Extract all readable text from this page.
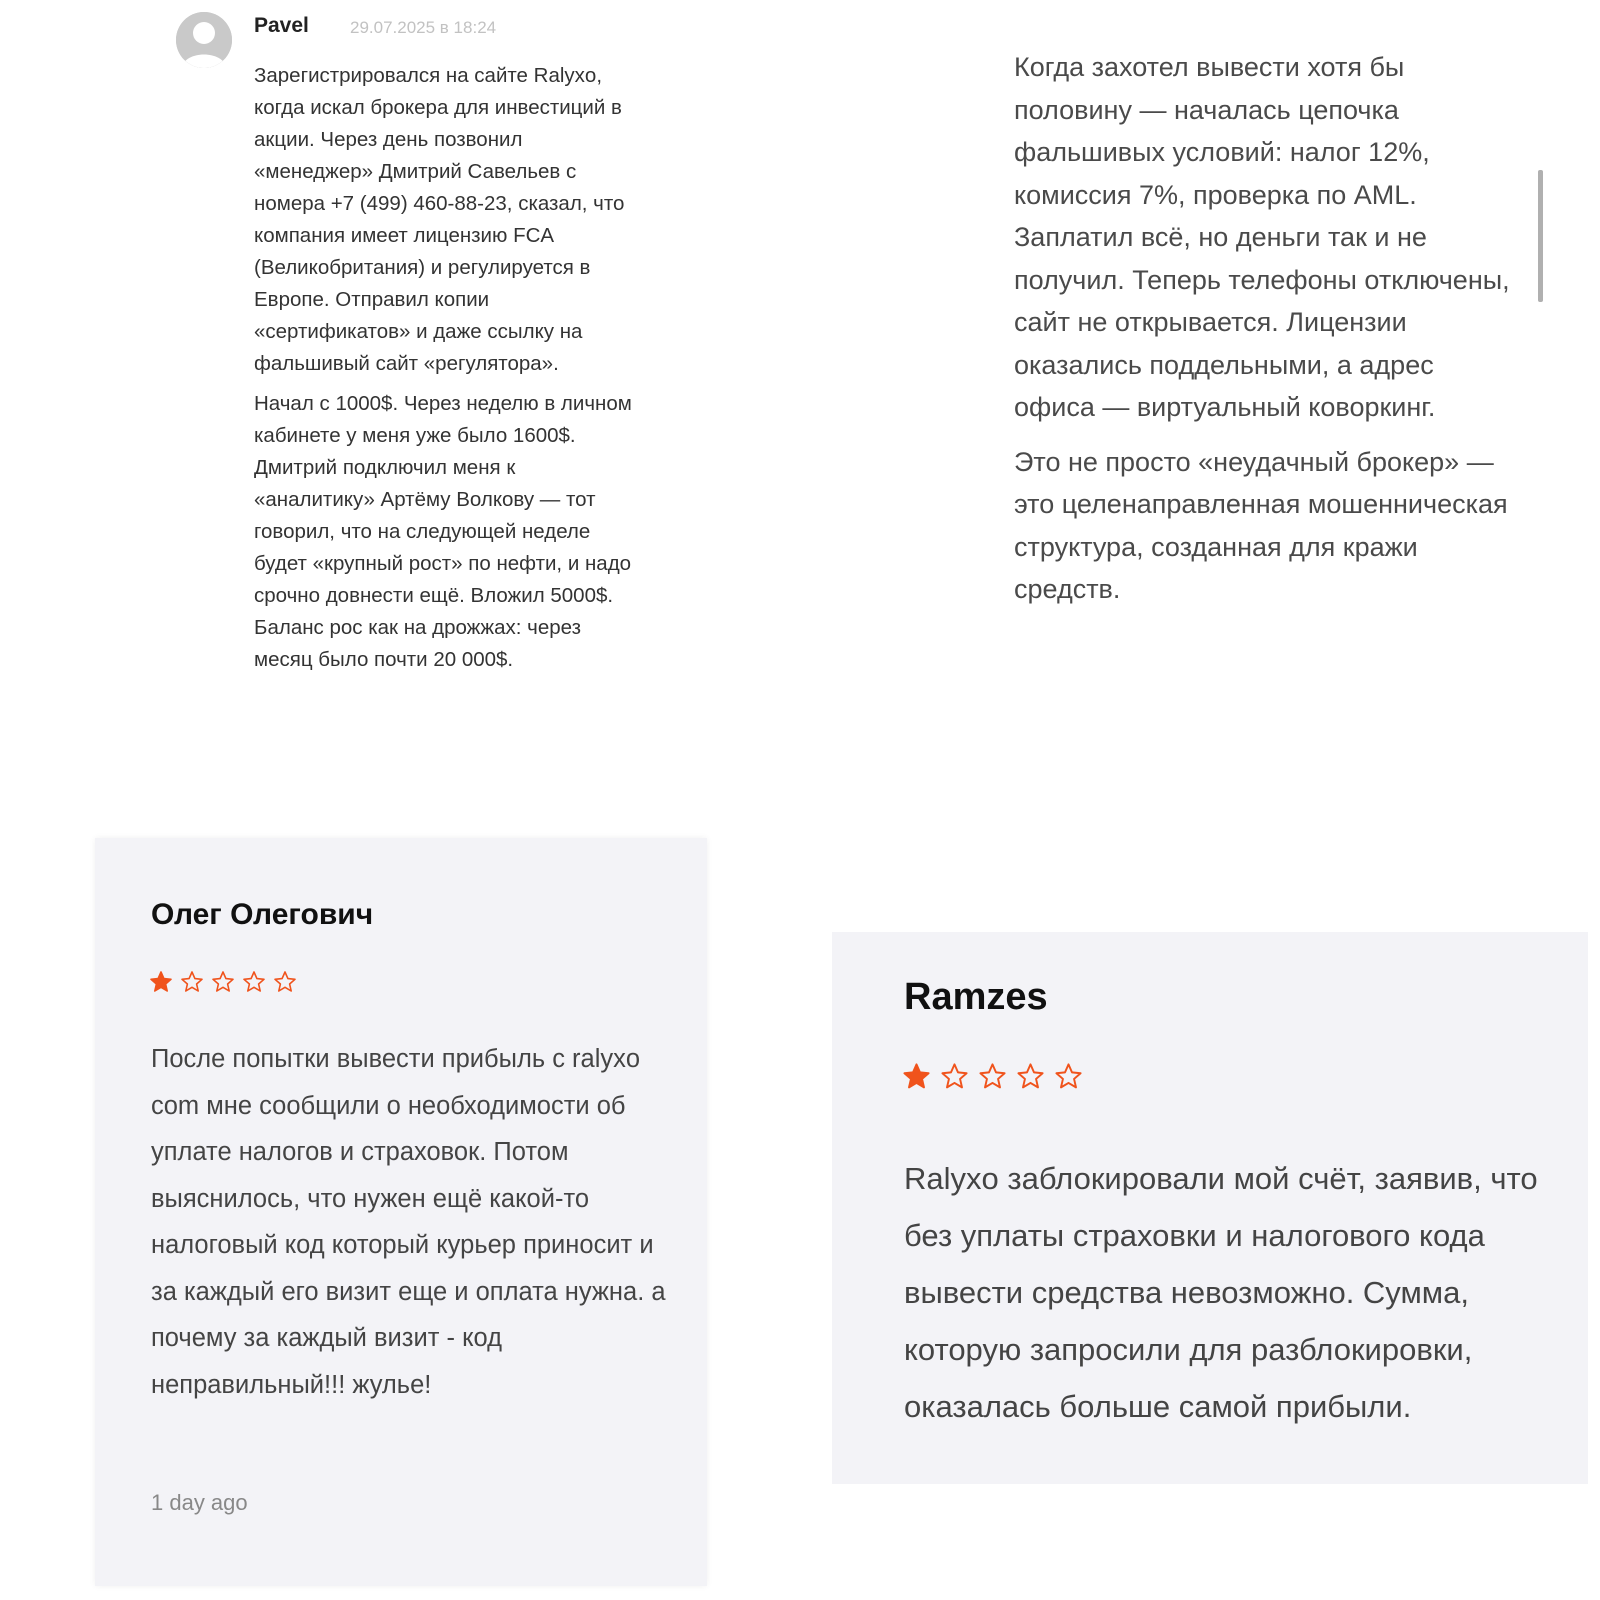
Pavel 29.07.2025 в 18:24

Зарегистрировался на сайте Ralyxo, когда искал брокера для инвестиций в акции. Через день позвонил «менеджер» Дмитрий Савельев с номера +7 (499) 460-88-23, сказал, что компания имеет лицензию FCA (Великобритания) и регулируется в Европе. Отправил копии «сертификатов» и даже ссылку на фальшивый сайт «регулятора».

Начал с 1000$. Через неделю в личном кабинете у меня уже было 1600$. Дмитрий подключил меня к «аналитику» Артёму Волкову — тот говорил, что на следующей неделе будет «крупный рост» по нефти, и надо срочно довнести ещё. Вложил 5000$. Баланс рос как на дрожжах: через месяц было почти 20 000$.

Когда захотел вывести хотя бы половину — началась цепочка фальшивых условий: налог 12%, комиссия 7%, проверка по AML. Заплатил всё, но деньги так и не получил. Теперь телефоны отключены, сайт не открывается. Лицензии оказались поддельными, а адрес офиса — виртуальный коворкинг.

Это не просто «неудачный брокер» — это целенаправленная мошенническая структура, созданная для кражи средств.

Олег Олегович
После попытки вывести прибыль с ralyxo com мне сообщили о необходимости об уплате налогов и страховок. Потом выяснилось, что нужен ещё какой-то налоговый код который курьер приносит и за каждый его визит еще и оплата нужна. а почему за каждый визит - код неправильный!!! жулье!
1 day ago
Ramzes
Ralyxo заблокировали мой счёт, заявив, что без уплаты страховки и налогового кода вывести средства невозможно. Сумма, которую запросили для разблокировки, оказалась больше самой прибыли.
